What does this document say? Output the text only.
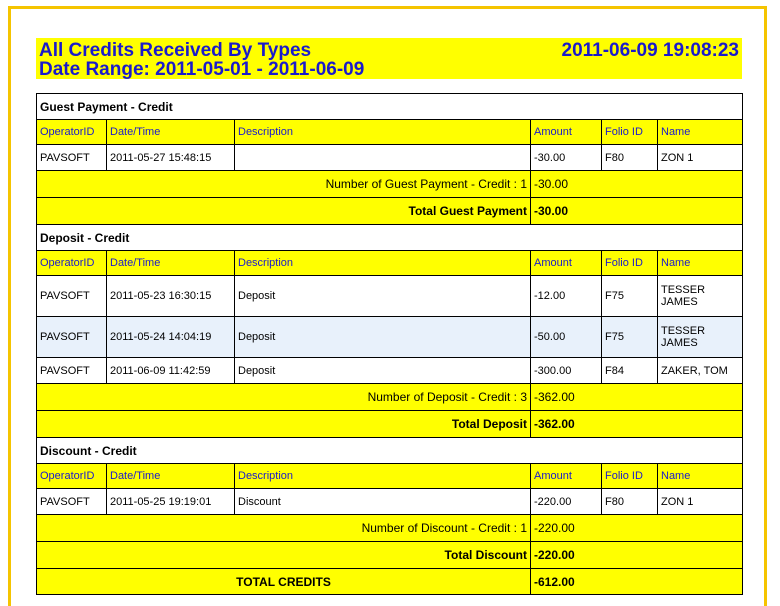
All Credits Received By Types
Date Range: 2011-05-01 - 2011-06-09
2011-06-09 19:08:23
Guest Payment - Credit					
OperatorID	Date/Time	Description	Amount	Folio ID	Name
PAVSOFT	2011-05-27 15:48:15		-30.00	F80	ZON 1
Number of Guest Payment - Credit : 1			-30.00		
Total Guest Payment			-30.00		
Deposit - Credit					
OperatorID	Date/Time	Description	Amount	Folio ID	Name
PAVSOFT	2011-05-23 16:30:15	Deposit	-12.00	F75	TESSER JAMES
PAVSOFT	2011-05-24 14:04:19	Deposit	-50.00	F75	TESSER JAMES
PAVSOFT	2011-06-09 11:42:59	Deposit	-300.00	F84	ZAKER, TOM
Number of Deposit - Credit : 3			-362.00		
Total Deposit			-362.00		
Discount - Credit					
OperatorID	Date/Time	Description	Amount	Folio ID	Name
PAVSOFT	2011-05-25 19:19:01	Discount	-220.00	F80	ZON 1
Number of Discount - Credit : 1			-220.00		
Total Discount			-220.00		
TOTAL CREDITS			-612.00		
